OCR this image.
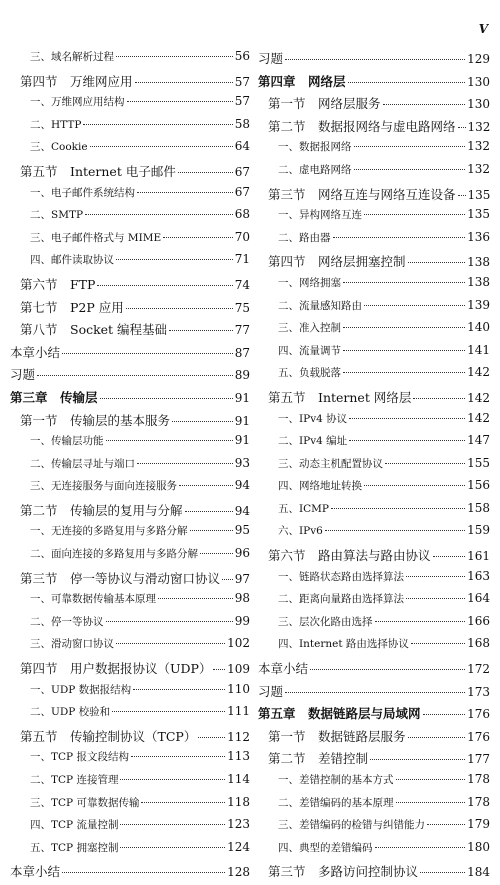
V
三、域名解析过程	56
第四节　万维网应用	57
一、万维网应用结构	57
二、HTTP	58
三、Cookie	64
第五节　Internet 电子邮件	67
一、电子邮件系统结构	67
二、SMTP	68
三、电子邮件格式与 MIME	70
四、邮件读取协议	71
第六节　FTP	74
第七节　P2P 应用	75
第八节　Socket 编程基础	77
本章小结	87
习题	89
第三章　传输层	91
第一节　传输层的基本服务	91
一、传输层功能	91
二、传输层寻址与端口	93
三、无连接服务与面向连接服务	94
第二节　传输层的复用与分解	94
一、无连接的多路复用与多路分解	95
二、面向连接的多路复用与多路分解	96
第三节　停一等协议与滑动窗口协议 97
一、可靠数据传输基本原理	98
二、停一等协议	99
三、滑动窗口协议	102
第四节　用户数据报协议（UDP） 109
一、UDP 数据报结构	110
二、UDP 校验和	111
第五节　传输控制协议（TCP）	112
一、TCP 报文段结构	113
二、TCP 连接管理	114
三、TCP 可靠数据传输	118
四、TCP 流量控制	123
五、TCP 拥塞控制	124
本章小结	128
习题	129
第四章　网络层	130
第一节　网络层服务	130
第二节　数据报网络与虚电路网络 132
一、数据报网络	132
二、虚电路网络	132
第三节　网络互连与网络互连设备 135
一、异构网络互连	135
二、路由器	136
第四节　网络层拥塞控制	138
一、网络拥塞	138
二、流量感知路由	139
三、准入控制	140
四、流量调节	141
五、负载脱落	142
第五节　Internet 网络层	142
一、IPv4 协议	142
二、IPv4 编址	147
三、动态主机配置协议	155
四、网络地址转换	156
五、ICMP	158
六、IPv6	159
第六节　路由算法与路由协议	161
一、链路状态路由选择算法	163
二、距离向量路由选择算法	164
三、层次化路由选择	166
四、Internet 路由选择协议	168
本章小结	172
习题	173
第五章　数据链路层与局域网	176
第一节　数据链路层服务	176
第二节　差错控制	177
一、差错控制的基本方式	178
二、差错编码的基本原理	178
三、差错编码的检错与纠错能力	179
四、典型的差错编码	180
第三节　多路访问控制协议	184
